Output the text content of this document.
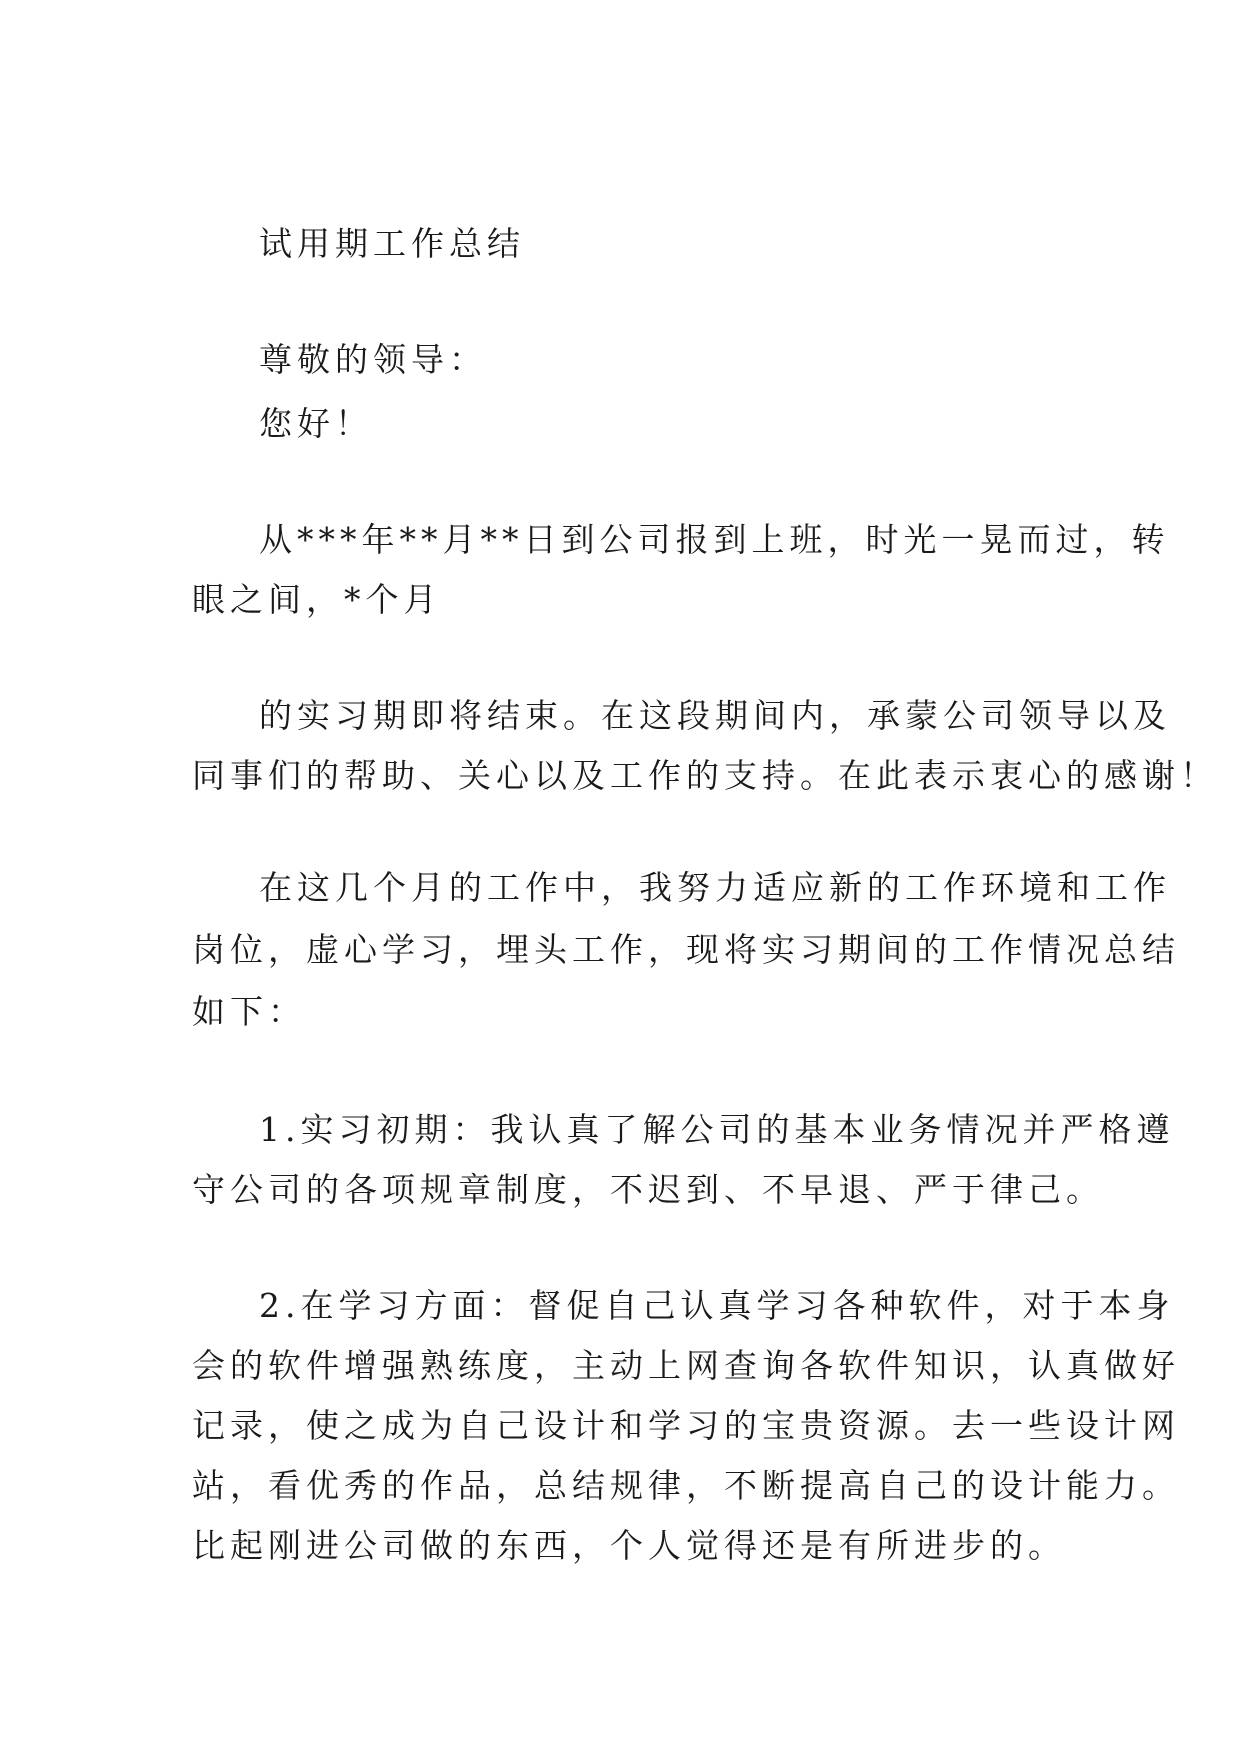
试用期工作总结
尊敬的领导：
您好！
从***年**月**日到公司报到上班，时光一晃而过，转
眼之间，*个月
的实习期即将结束。在这段期间内，承蒙公司领导以及
同事们的帮助、关心以及工作的支持。在此表示衷心的感谢！
在这几个月的工作中，我努力适应新的工作环境和工作
岗位，虚心学习，埋头工作，现将实习期间的工作情况总结
如下：
1.实习初期：我认真了解公司的基本业务情况并严格遵
守公司的各项规章制度，不迟到、不早退、严于律己。
2.在学习方面：督促自己认真学习各种软件，对于本身
会的软件增强熟练度，主动上网查询各软件知识，认真做好
记录，使之成为自己设计和学习的宝贵资源。去一些设计网
站，看优秀的作品，总结规律，不断提高自己的设计能力。
比起刚进公司做的东西，个人觉得还是有所进步的。
